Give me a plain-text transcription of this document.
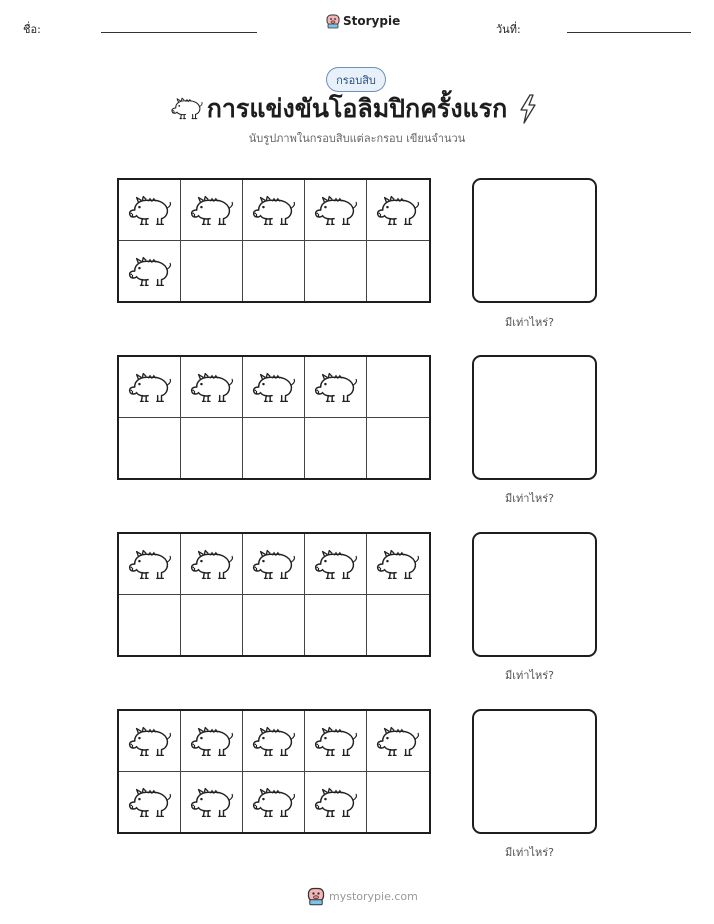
ชื่อ:
Storypie
วันที่:
กรอบสิบ
การแข่งขันโอลิมปิกครั้งแรก
นับรูปภาพในกรอบสิบแต่ละกรอบ เขียนจำนวน
มีเท่าไหร่?
มีเท่าไหร่?
มีเท่าไหร่?
มีเท่าไหร่?
mystorypie.com
